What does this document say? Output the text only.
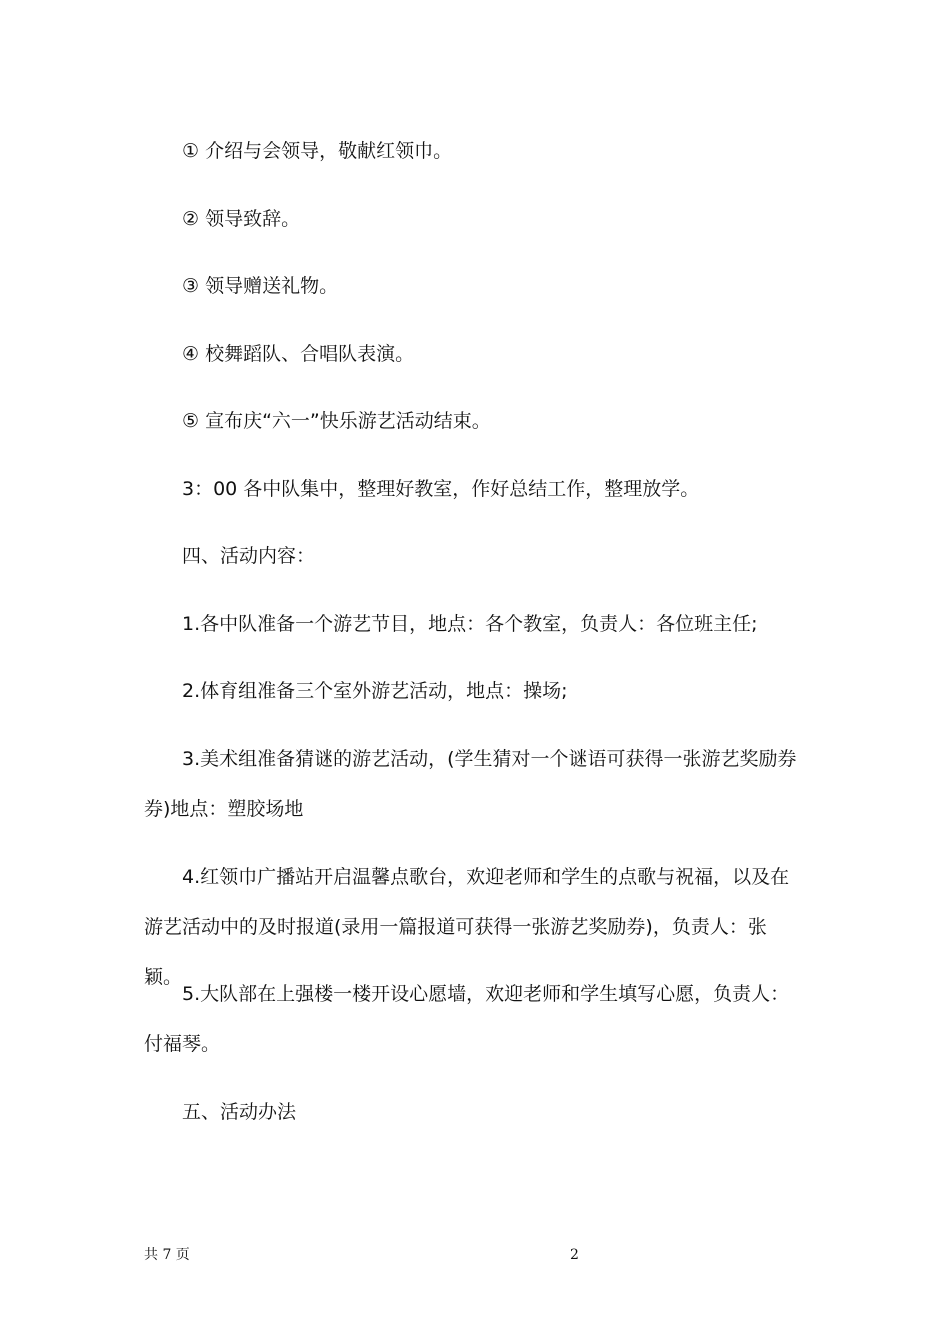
① 介绍与会领导，敬献红领巾。

② 领导致辞。

③ 领导赠送礼物。

④ 校舞蹈队、合唱队表演。

⑤ 宣布庆“六一”快乐游艺活动结束。

3：00 各中队集中，整理好教室，作好总结工作，整理放学。

四、活动内容：

1.各中队准备一个游艺节目，地点：各个教室，负责人：各位班主任;

2.体育组准备三个室外游艺活动，地点：操场;

3.美术组准备猜谜的游艺活动，(学生猜对一个谜语可获得一张游艺奖励券券)地点：塑胶场地

4.红领巾广播站开启温馨点歌台，欢迎老师和学生的点歌与祝福，以及在游艺活动中的及时报道(录用一篇报道可获得一张游艺奖励券)，负责人：张颖。

5.大队部在上强楼一楼开设心愿墙，欢迎老师和学生填写心愿，负责人：付福琴。

五、活动办法

共 7 页	2
